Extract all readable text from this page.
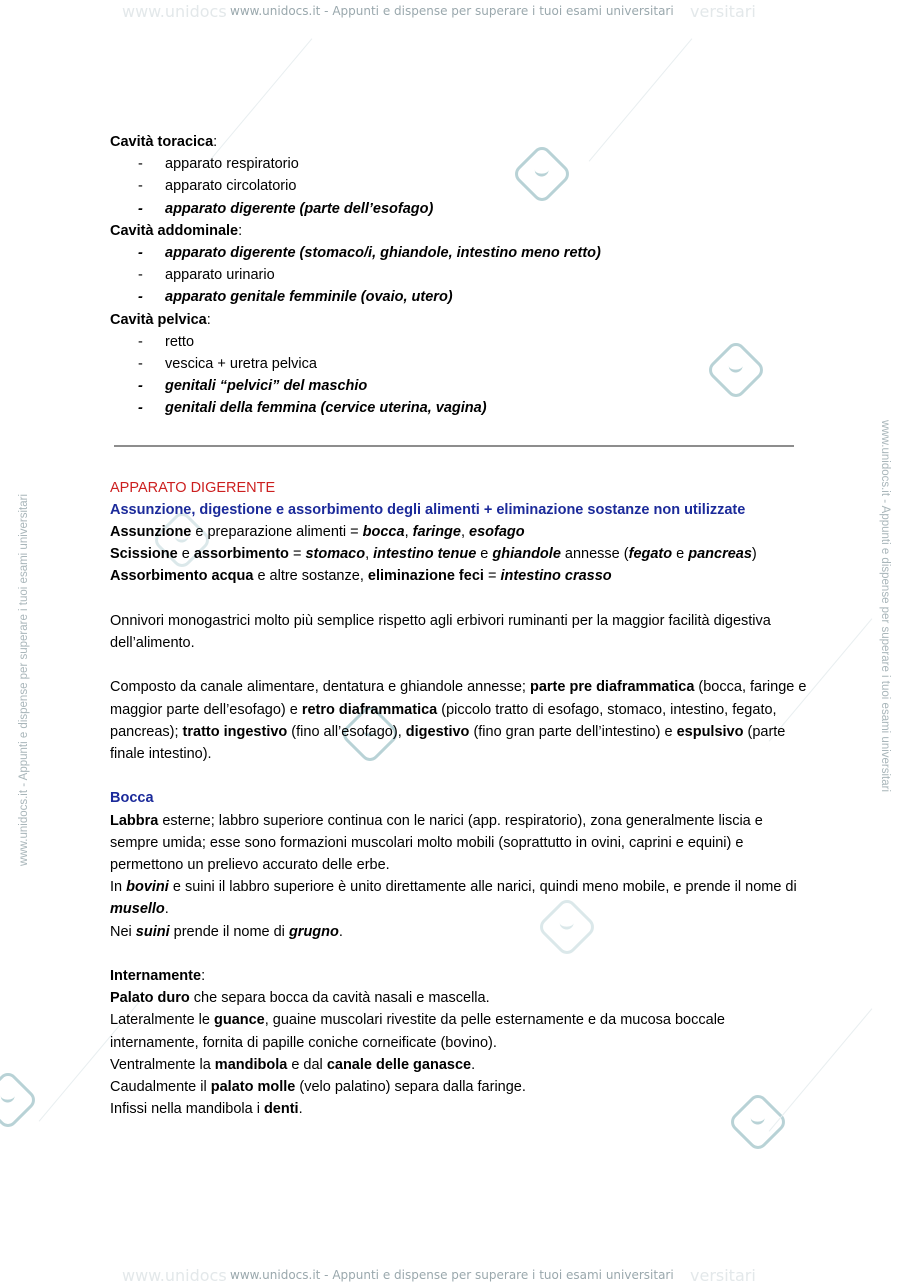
www.unidocs	versitari
www.unidocs.it - Appunti e dispense per superare i tuoi esami universitari
www.unidocs	versitari
www.unidocs.it - Appunti e dispense per superare i tuoi esami universitari
www.unidocs.it - Appunti e dispense per superare i tuoi esami universitari	www.unidocs.it - Appunti e dispense per superare i tuoi esami universitari
Cavità toracica:
- apparato respiratorio
- apparato circolatorio
- apparato digerente (parte dell’esofago)
Cavità addominale:
- apparato digerente (stomaco/i, ghiandole, intestino meno retto)
- apparato urinario
- apparato genitale femminile (ovaio, utero)
Cavità pelvica:
- retto
- vescica + uretra pelvica
- genitali “pelvici” del maschio
- genitali della femmina (cervice uterina, vagina)
APPARATO DIGERENTE
Assunzione, digestione e assorbimento degli alimenti + eliminazione sostanze non utilizzate
Assunzione e preparazione alimenti = bocca, faringe, esofago
Scissione e assorbimento = stomaco, intestino tenue e ghiandole annesse (fegato e pancreas)
Assorbimento acqua e altre sostanze, eliminazione feci = intestino crasso
Onnivori monogastrici molto più semplice rispetto agli erbivori ruminanti per la maggior facilità digestiva dell’alimento.
Composto da canale alimentare, dentatura e ghiandole annesse; parte pre diaframmatica (bocca, faringe e maggior parte dell’esofago) e retro diaframmatica (piccolo tratto di esofago, stomaco, intestino, fegato, pancreas); tratto ingestivo (fino all’esofago), digestivo (fino gran parte dell’intestino) e espulsivo (parte finale intestino).
Bocca
Labbra esterne; labbro superiore continua con le narici (app. respiratorio), zona generalmente liscia e sempre umida; esse sono formazioni muscolari molto mobili (soprattutto in ovini, caprini e equini) e permettono un prelievo accurato delle erbe.
In bovini e suini il labbro superiore è unito direttamente alle narici, quindi meno mobile, e prende il nome di musello.
Nei suini prende il nome di grugno.
Internamente:
Palato duro che separa bocca da cavità nasali e mascella.
Lateralmente le guance, guaine muscolari rivestite da pelle esternamente e da mucosa boccale internamente, fornita di papille coniche corneificate (bovino).
Ventralmente la mandibola e dal canale delle ganasce.
Caudalmente il palato molle (velo palatino) separa dalla faringe.
Infissi nella mandibola i denti.
